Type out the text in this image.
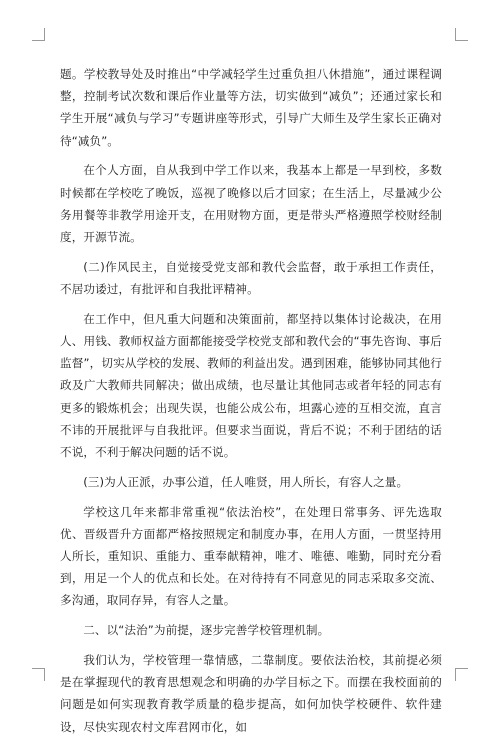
题。学校教导处及时推出“中学减轻学生过重负担八休措施”，通过课程调整，控制考试次数和课后作业量等方法，切实做到“减负”；还通过家长和学生开展“减负与学习”专题讲座等形式，引导广大师生及学生家长正确对待“减负”。

在个人方面，自从我到中学工作以来，我基本上都是一早到校，多数时候都在学校吃了晚饭，巡视了晚修以后才回家；在生活上，尽量减少公务用餐等非教学用途开支，在用财物方面，更是带头严格遵照学校财经制度，开源节流。

(二)作风民主，自觉接受党支部和教代会监督，敢于承担工作责任，不居功诿过，有批评和自我批评精神。

在工作中，但凡重大问题和决策面前，都坚持以集体讨论裁决，在用人、用钱、教师权益方面都能接受学校党支部和教代会的“事先咨询、事后监督”，切实从学校的发展、教师的利益出发。遇到困难，能够协同其他行政及广大教师共同解决；做出成绩，也尽量让其他同志或者年轻的同志有更多的锻炼机会；出现失误，也能公成公布，坦露心迹的互相交流，直言不讳的开展批评与自我批评。但要求当面说，背后不说；不利于团结的话不说，不利于解决问题的话不说。

(三)为人正派，办事公道，任人唯贤，用人所长，有容人之量。

学校这几年来都非常重视“依法治校”，在处理日常事务、评先选取优、晋级晋升方面都严格按照规定和制度办事，在用人方面，一贯坚持用人所长，重知识、重能力、重奉献精神，唯才、唯德、唯勤，同时充分看到，用足一个人的优点和长处。在对待持有不同意见的同志采取多交流、多沟通，取同存异，有容人之量。

二、以“法治”为前提，逐步完善学校管理机制。

我们认为，学校管理一靠情感，二靠制度。要依法治校，其前提必须是在掌握现代的教育思想观念和明确的办学目标之下。而摆在我校面前的问题是如何实现教育教学质量的稳步提高，如何加快学校硬件、软件建设，尽快实现农村文库君网市化，如
